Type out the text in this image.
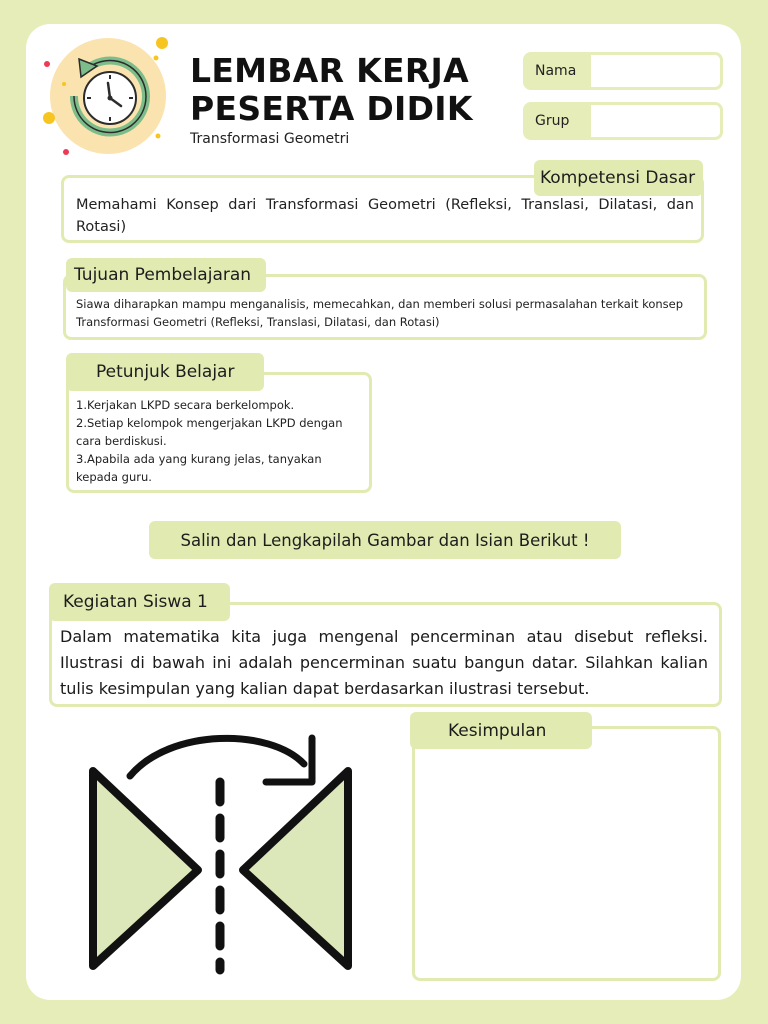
LEMBAR KERJA
PESERTA DIDIK
Transformasi Geometri
Nama
Grup
Kompetensi Dasar
Memahami Konsep dari Transformasi Geometri (Refleksi, Translasi, Dilatasi, dan Rotasi)
Tujuan Pembelajaran
Siawa diharapkan mampu menganalisis, memecahkan, dan memberi solusi permasalahan terkait konsep Transformasi Geometri (Refleksi, Translasi, Dilatasi, dan Rotasi)
Petunjuk Belajar
1.Kerjakan LKPD secara berkelompok.
2.Setiap kelompok mengerjakan LKPD dengan cara berdiskusi.
3.Apabila ada yang kurang jelas, tanyakan kepada guru.
Salin dan Lengkapilah Gambar dan Isian Berikut !
Kegiatan Siswa 1
Dalam matematika kita juga mengenal pencerminan atau disebut refleksi. Ilustrasi di bawah ini adalah pencerminan suatu bangun datar. Silahkan kalian tulis kesimpulan yang kalian dapat berdasarkan ilustrasi tersebut.
Kesimpulan
